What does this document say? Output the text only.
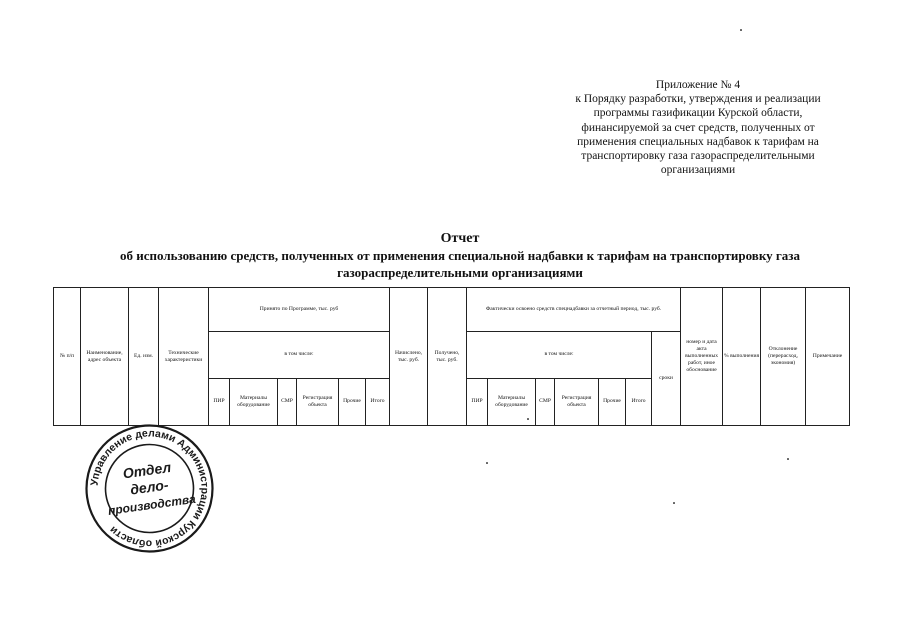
Приложение № 4
к Порядку разработки, утверждения и реализации
программы газификации Курской области,
финансируемой за счет средств, полученных от
применения специальных надбавок к тарифам на
транспортировку газа газораспределительными
организациями
Отчет
об использованию средств, полученных от применения специальной надбавки к тарифам на транспортировку газа
газораспределительными организациями
№ п/п	Наименование, адрес объекта	Ед. изм.	Технические характеристики	Принято по Программе, тыс. руб						Начислено, тыс. руб.	Получено, тыс. руб.	Фактически освоено средств спецнадбавки за отчетный период, тыс. руб.							номер и дата акта выполненных работ, иное обоснование	% выполнения	Отклонение (перерасход, экономия)	Примечание
				в том числе:								в том числе:						сроки				
				ПИР	Материалы оборудование	СМР	Регистрация объекта	Прочие	Итого			ПИР	Материалы оборудование	СМР	Регистрация объекта	Прочие	Итого					
Управление делами Администрации Курской области
Отдел
дело-
производства
